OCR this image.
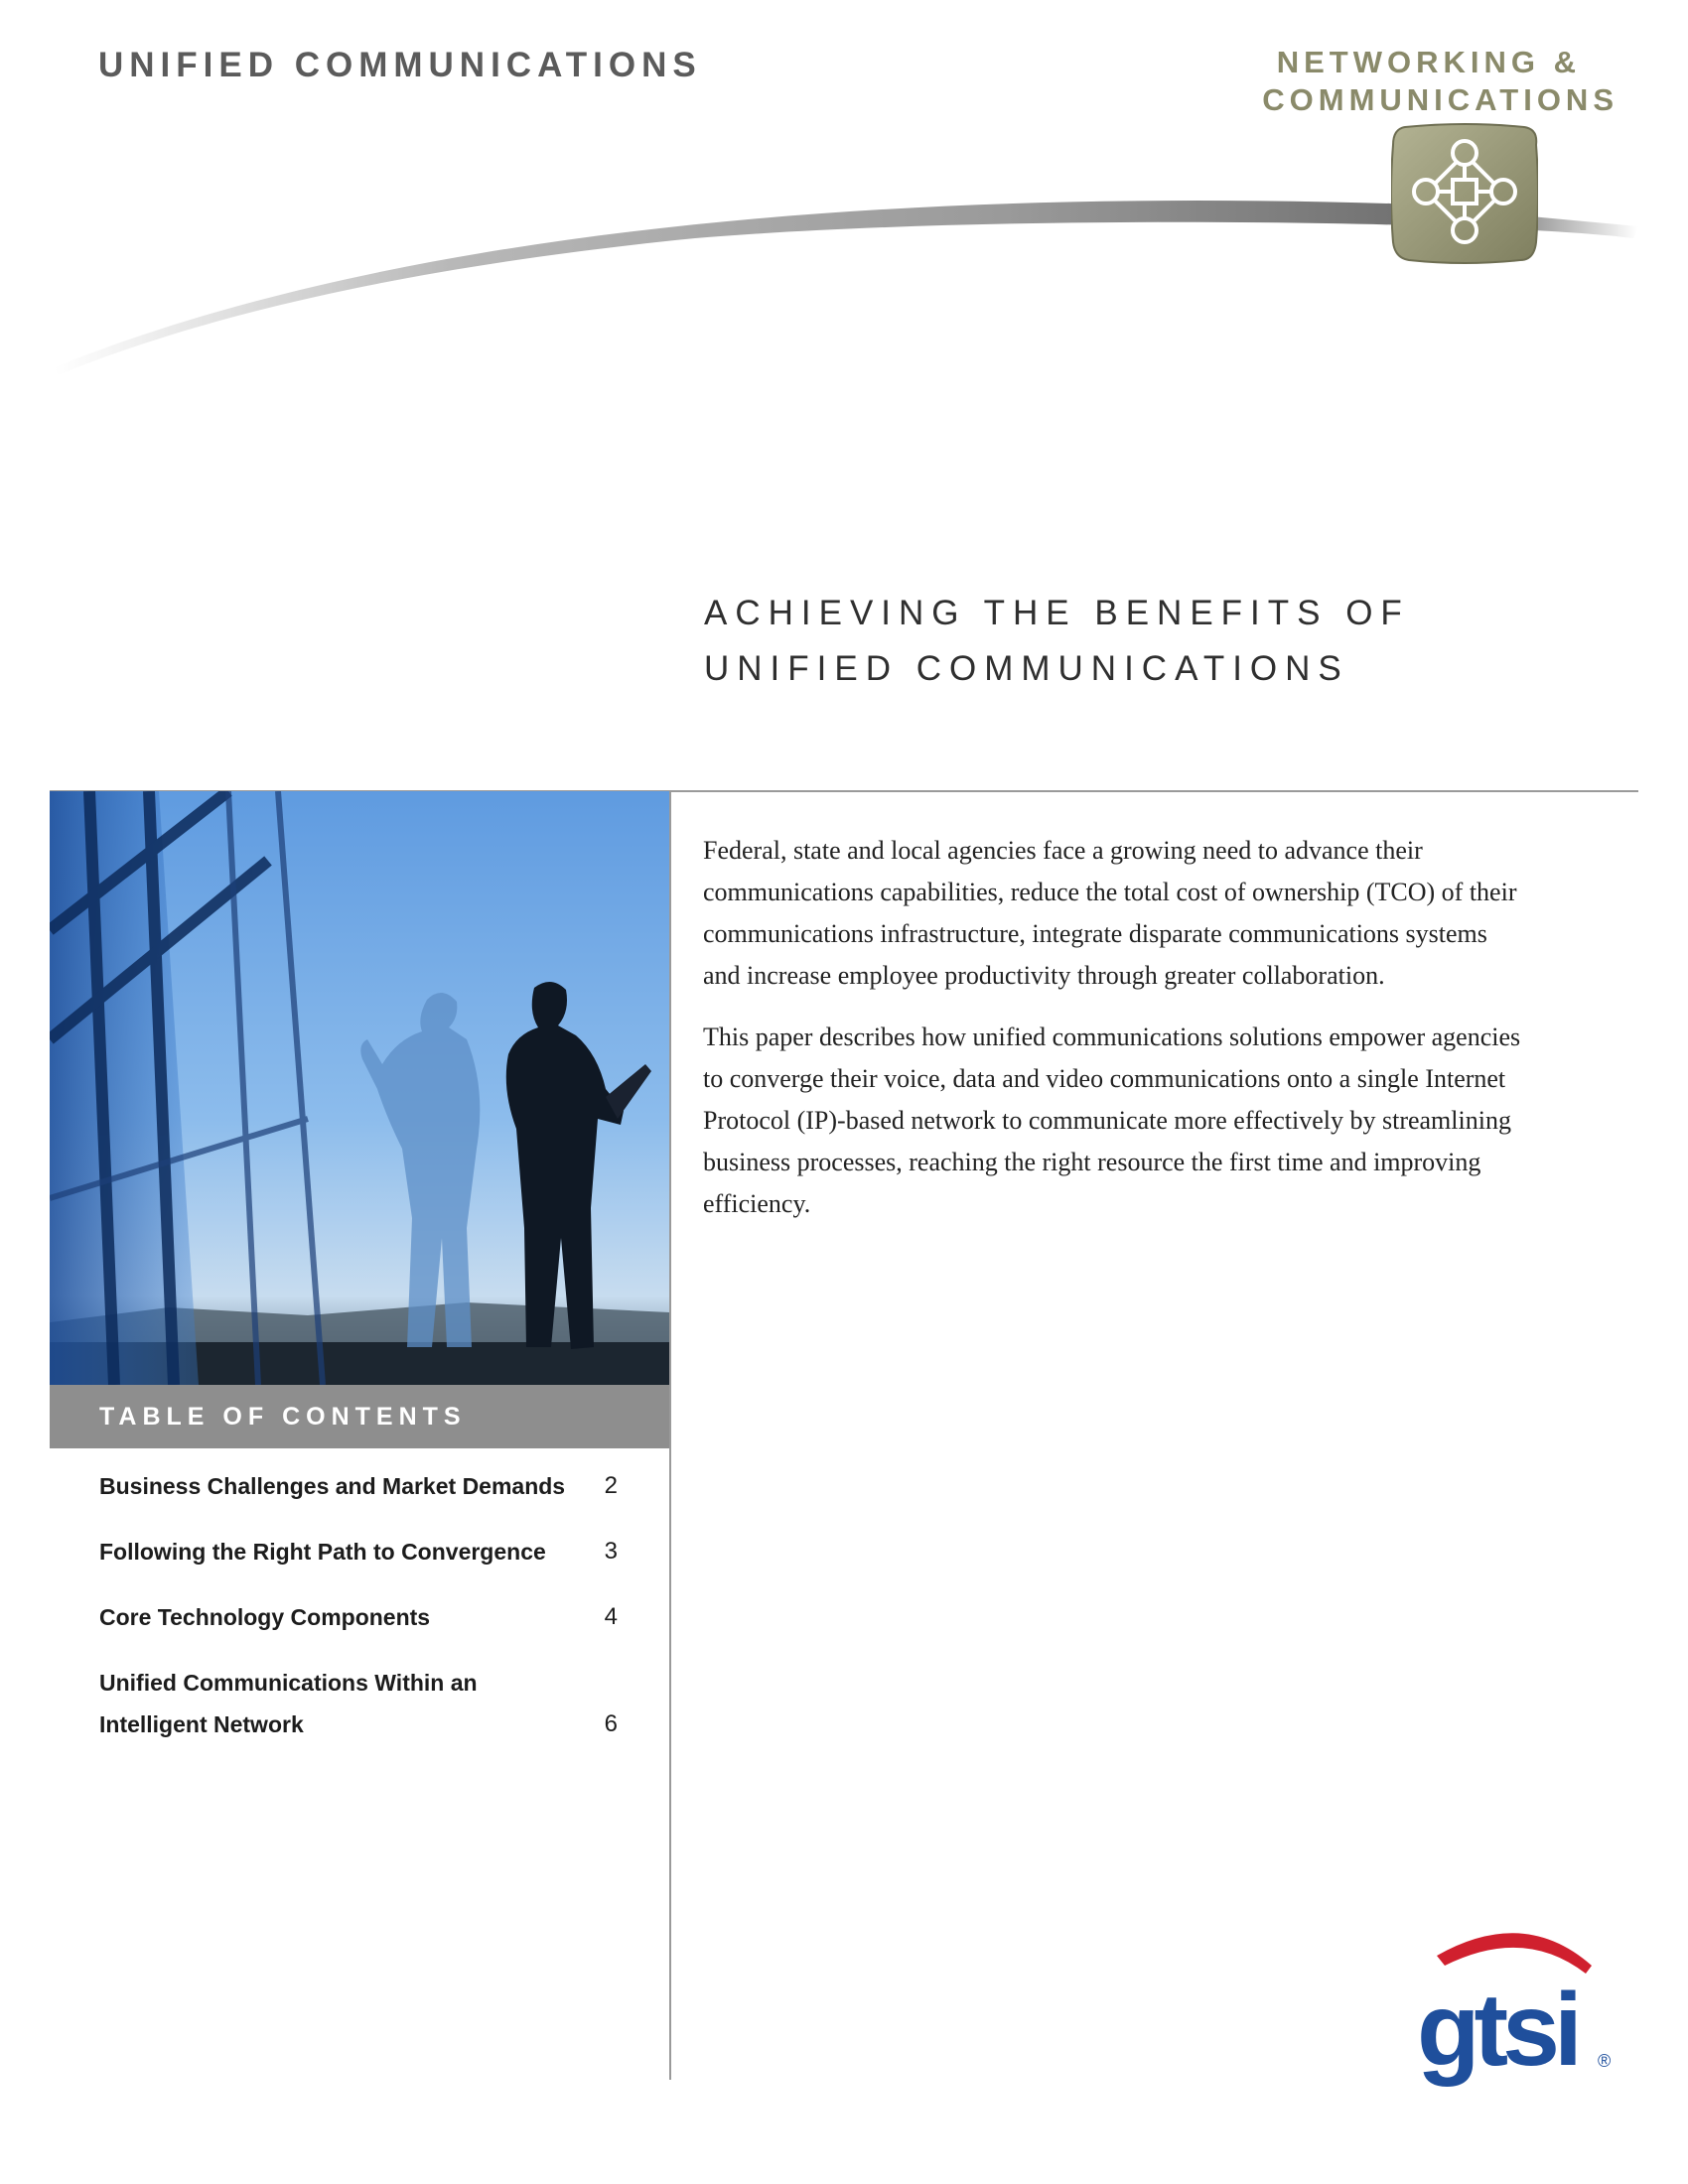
UNIFIED COMMUNICATIONS	NETWORKING &
COMMUNICATIONS
ACHIEVING THE BENEFITS OF
UNIFIED COMMUNICATIONS
TABLE OF CONTENTS
Business Challenges and Market Demands 2
Following the Right Path to Convergence	3
Core Technology Components	4
Unified Communications Within an Intelligent Network	6

Federal, state and local agencies face a growing need to advance their communications capabilities, reduce the total cost of ownership (TCO) of their communications infrastructure, integrate disparate communications systems and increase employee productivity through greater collaboration.

This paper describes how unified communications solutions empower agencies to converge their voice, data and video communications onto a single Internet Protocol (IP)-based network to communicate more effectively by streamlining business processes, reaching the right resource the first time and improving efficiency.

gtsi ®
